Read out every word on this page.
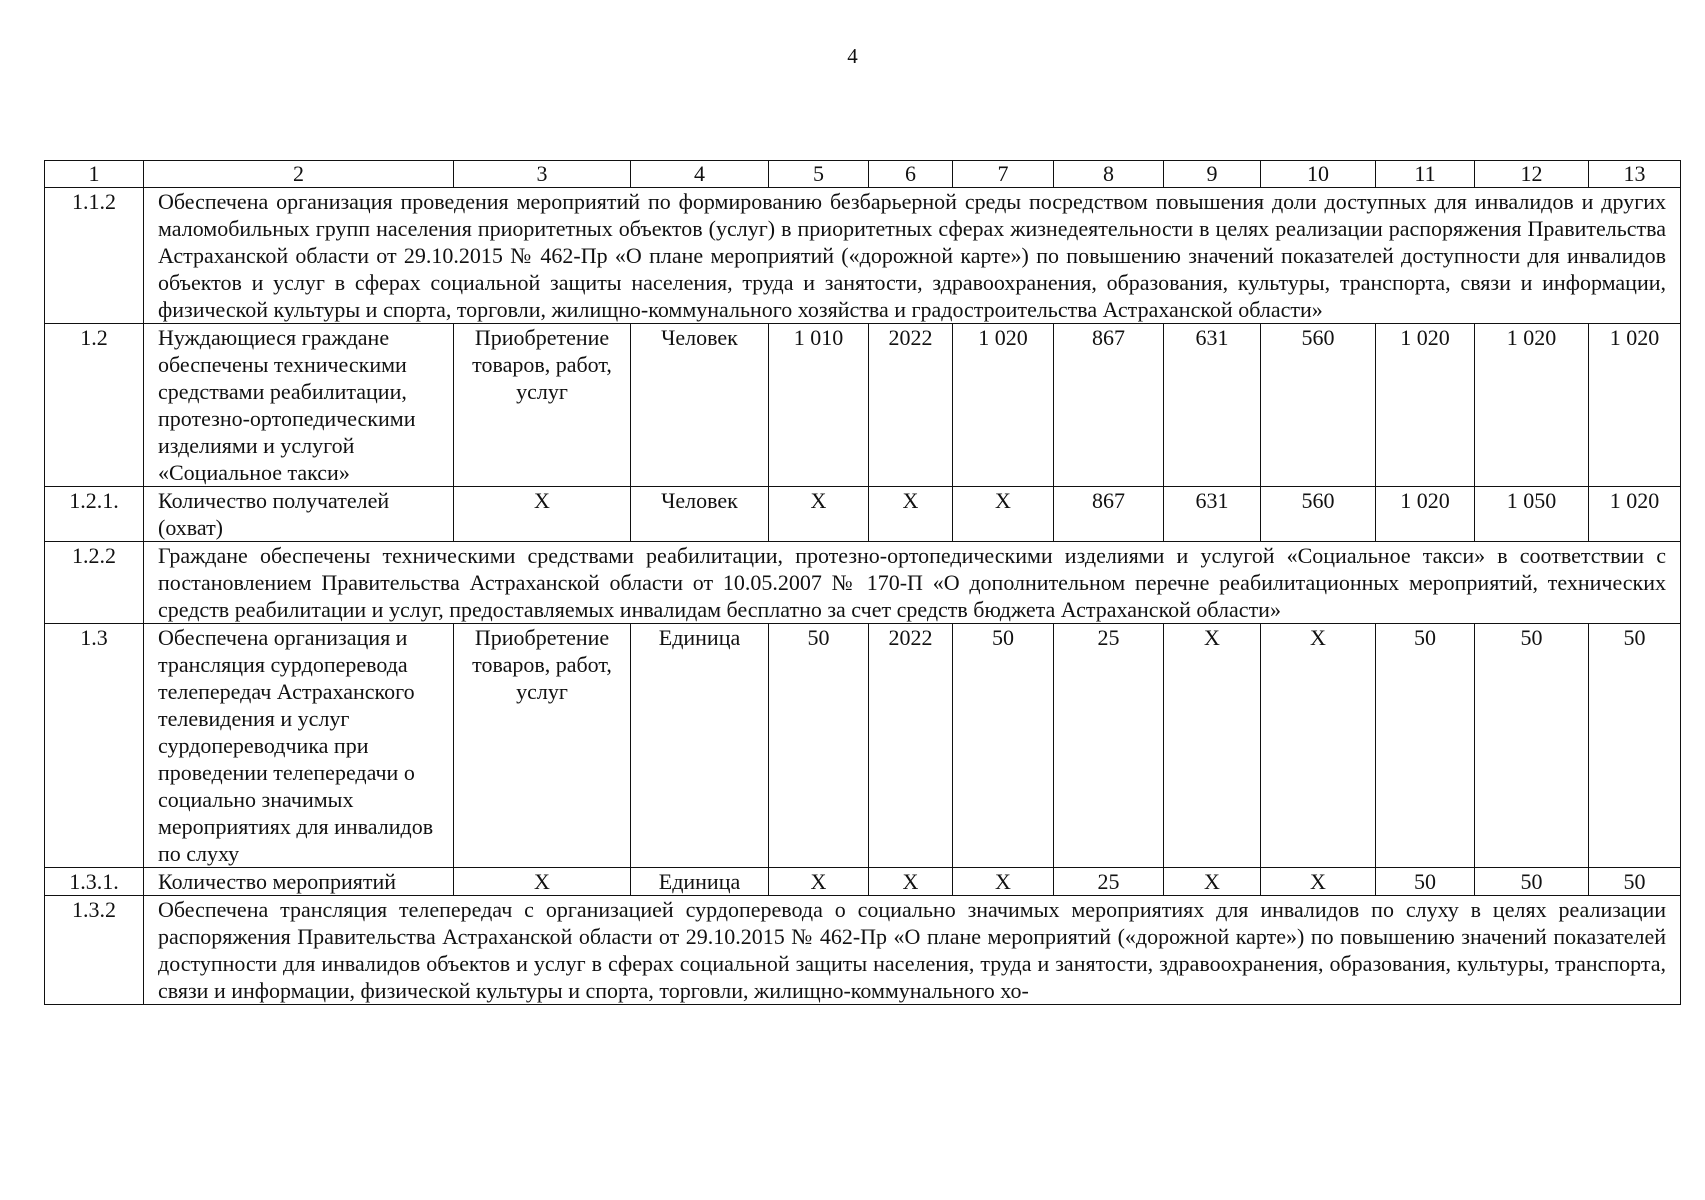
4
1	2	3	4	5	6	7	8	9	10	11	12	13
1.1.2	Обеспечена организация проведения мероприятий по формированию безбарьерной среды посредством повышения доли доступных для инвалидов и других маломобильных групп населения приоритетных объектов (услуг) в приоритетных сферах жизнедеятельности в целях реализации распоряжения Правительства Астраханской области от 29.10.2015 № 462-Пр «О плане мероприятий («дорожной карте») по повышению значений показателей доступности для инвалидов объектов и услуг в сферах социальной защиты населения, труда и занятости, здравоохранения, образования, культуры, транспорта, связи и информации, физической культуры и спорта, торговли, жилищно-коммунального хозяйства и градостроительства Астраханской области»											
1.2	Нуждающиеся граждане обеспечены техническими средствами реабилитации, протезно-ортопедическими изделиями и услугой «Социальное такси»	Приобретение товаров, работ, услуг	Человек	1 010	2022	1 020	867	631	560	1 020	1 020	1 020
1.2.1.	Количество получателей (охват)	X	Человек	X	X	X	867	631	560	1 020	1 050	1 020
1.2.2	Граждане обеспечены техническими средствами реабилитации, протезно-ортопедическими изделиями и услугой «Социальное такси» в соответствии с постановлением Правительства Астраханской области от 10.05.2007 № 170-П «О дополнительном перечне реабилитационных мероприятий, технических средств реабилитации и услуг, предоставляемых инвалидам бесплатно за счет средств бюджета Астраханской области»											
1.3	Обеспечена организация и трансляция сурдоперевода телепередач Астраханского телевидения и услуг сурдопереводчика при проведении телепередачи о социально значимых мероприятиях для инвалидов по слуху	Приобретение товаров, работ, услуг	Единица	50	2022	50	25	X	X	50	50	50
1.3.1.	Количество мероприятий	X	Единица	X	X	X	25	X	X	50	50	50
1.3.2	Обеспечена трансляция телепередач с организацией сурдоперевода о социально значимых мероприятиях для инвалидов по слуху в целях реализации распоряжения Правительства Астраханской области от 29.10.2015 № 462-Пр «О плане мероприятий («дорожной карте») по повышению значений показателей доступности для инвалидов объектов и услуг в сферах социальной защиты населения, труда и занятости, здравоохранения, образования, культуры, транспорта, связи и информации, физической культуры и спорта, торговли, жилищно-коммунального хо-											
